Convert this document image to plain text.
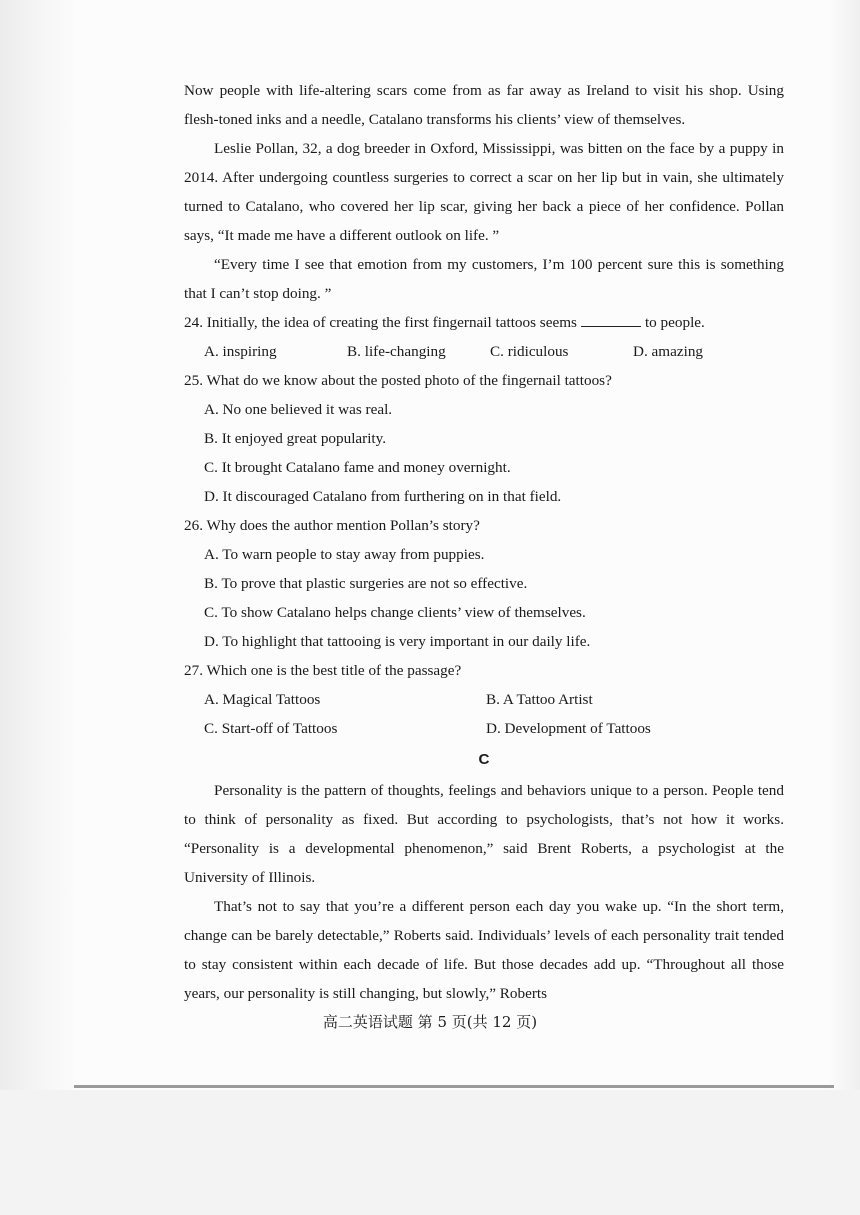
Now people with life-altering scars come from as far away as Ireland to visit his shop. Using flesh-toned inks and a needle, Catalano transforms his clients’ view of themselves.

Leslie Pollan, 32, a dog breeder in Oxford, Mississippi, was bitten on the face by a puppy in 2014. After undergoing countless surgeries to correct a scar on her lip but in vain, she ultimately turned to Catalano, who covered her lip scar, giving her back a piece of her confidence. Pollan says, “It made me have a different outlook on life. ”

“Every time I see that emotion from my customers, I’m 100 percent sure this is something that I can’t stop doing. ”

24. Initially, the idea of creating the first fingernail tattoos seems	to people.

A. inspiring	B. life-changing	C. ridiculous	D. amazing

25. What do we know about the posted photo of the fingernail tattoos?

A. No one believed it was real.

B. It enjoyed great popularity.

C. It brought Catalano fame and money overnight.

D. It discouraged Catalano from furthering on in that field.

26. Why does the author mention Pollan’s story?

A. To warn people to stay away from puppies.

B. To prove that plastic surgeries are not so effective.

C. To show Catalano helps change clients’ view of themselves.

D. To highlight that tattooing is very important in our daily life.

27. Which one is the best title of the passage?

A. Magical Tattoos	B. A Tattoo Artist
C. Start-off of Tattoos	D. Development of Tattoos
C

Personality is the pattern of thoughts, feelings and behaviors unique to a person. People tend to think of personality as fixed. But according to psychologists, that’s not how it works. “Personality is a developmental phenomenon,” said Brent Roberts, a psychologist at the University of Illinois.

That’s not to say that you’re a different person each day you wake up. “In the short term, change can be barely detectable,” Roberts said. Individuals’ levels of each personality trait tended to stay consistent within each decade of life. But those decades add up. “Throughout all those years, our personality is still changing, but slowly,” Roberts

高二英语试题 第 5 页(共 12 页)
